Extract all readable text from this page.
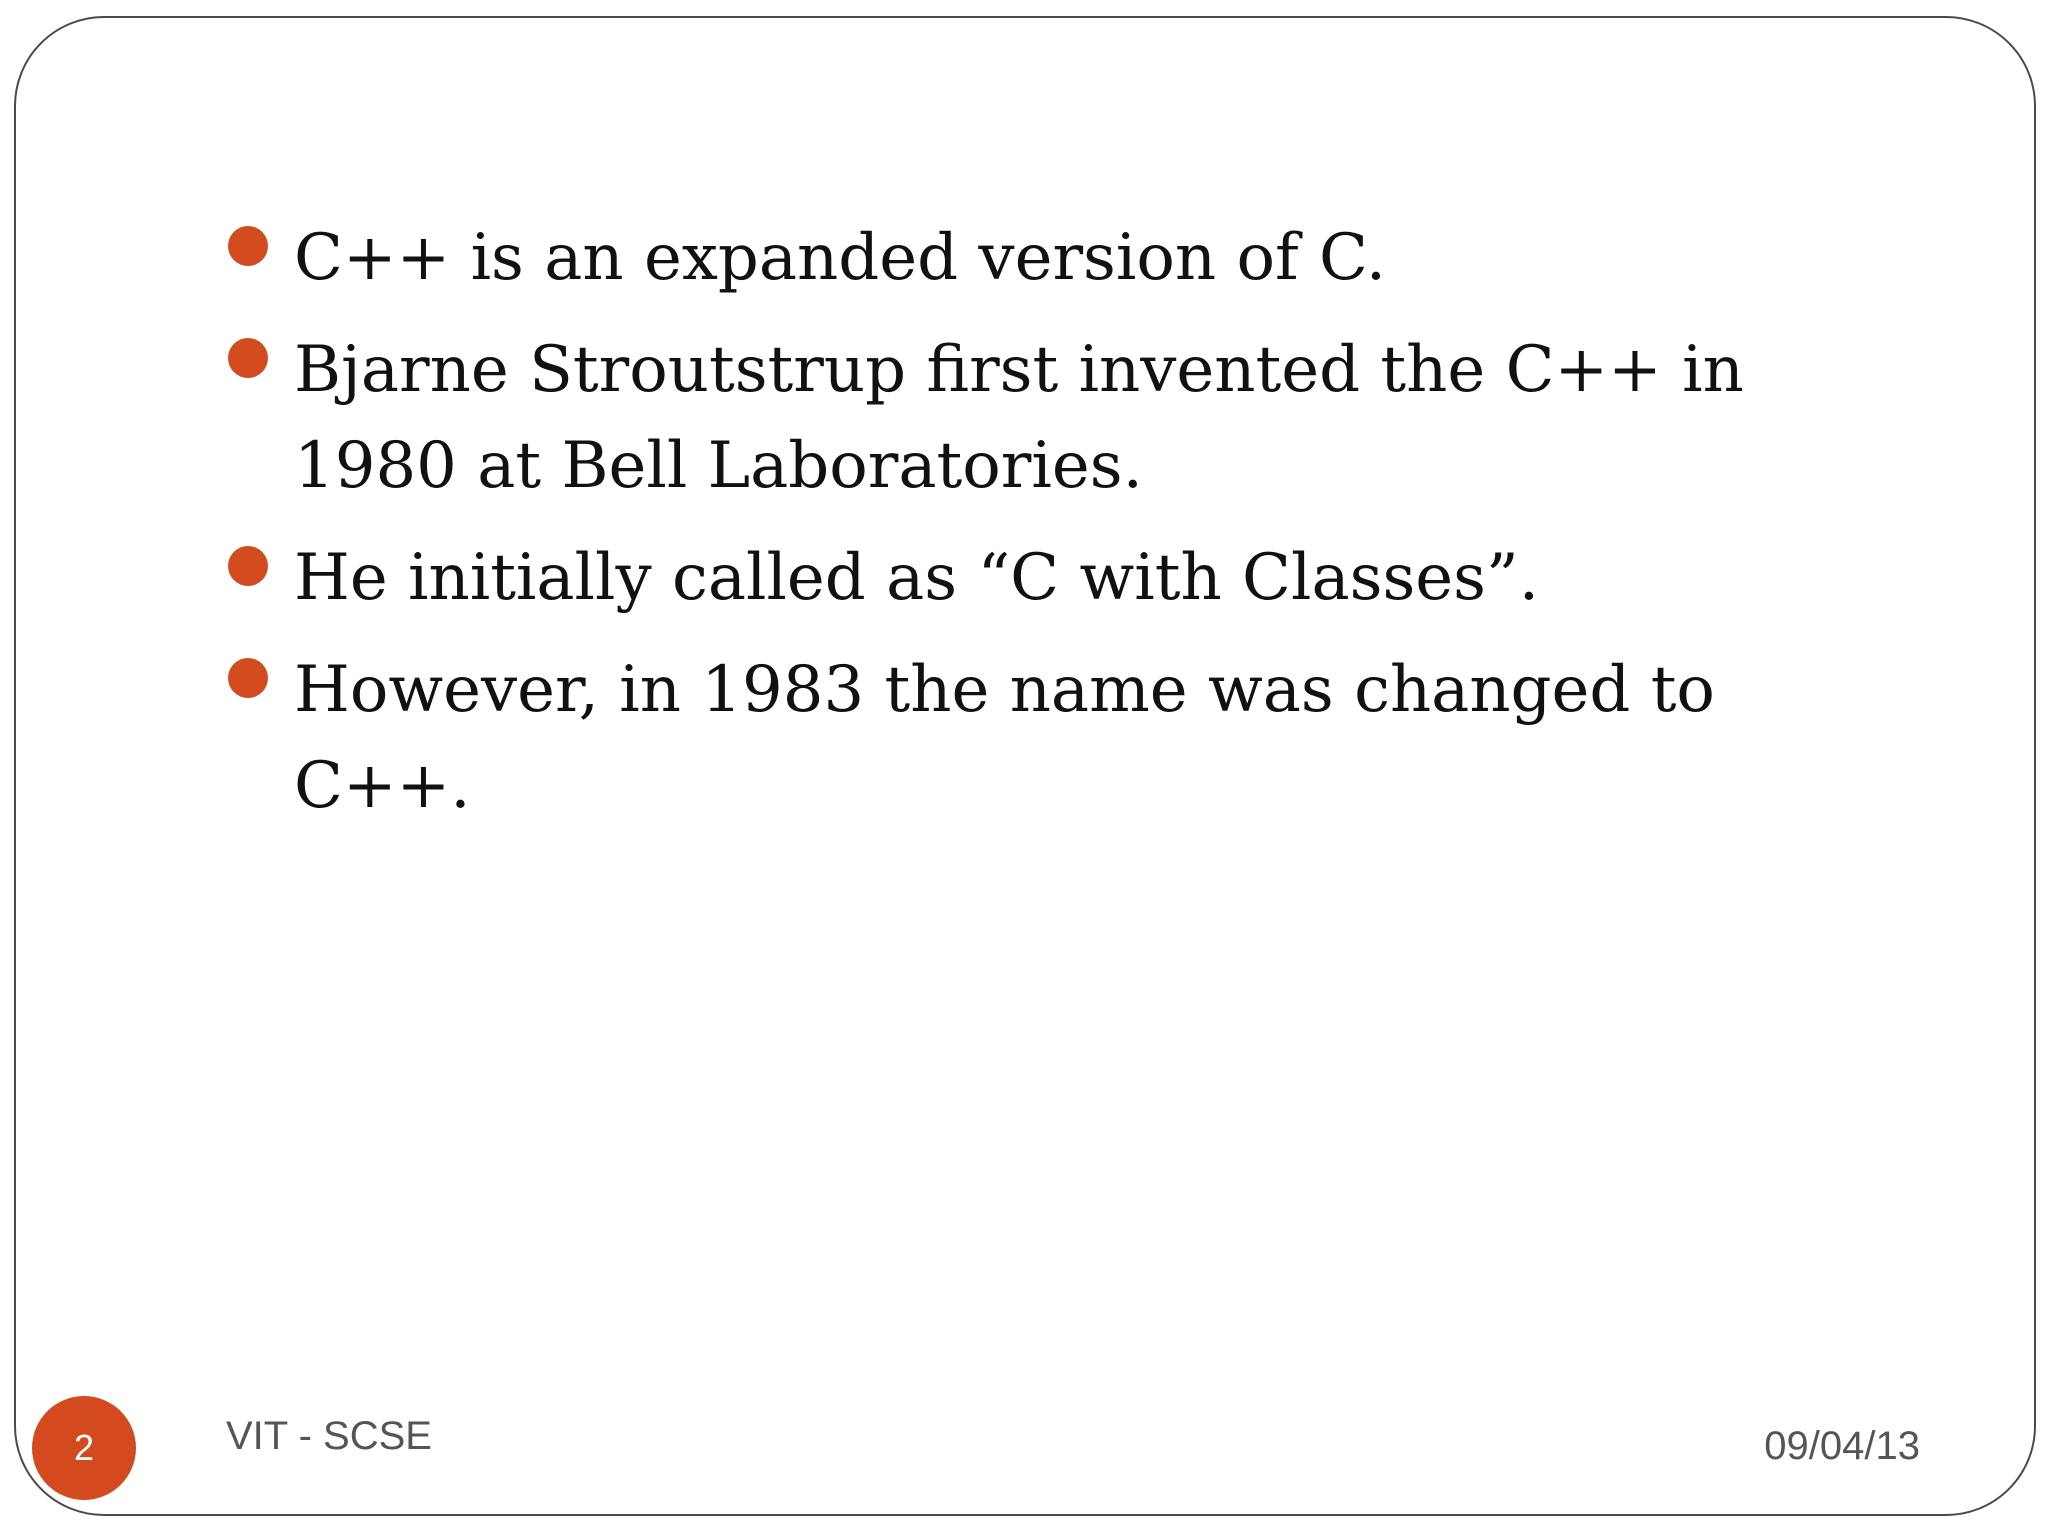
C++ is an expanded version of C.
Bjarne Stroutstrup first invented the C++ in 1980 at Bell Laboratories.
He initially called as “C with Classes”.
However, in 1983 the name was changed to C++.
2	VIT - SCSE	09/04/13
